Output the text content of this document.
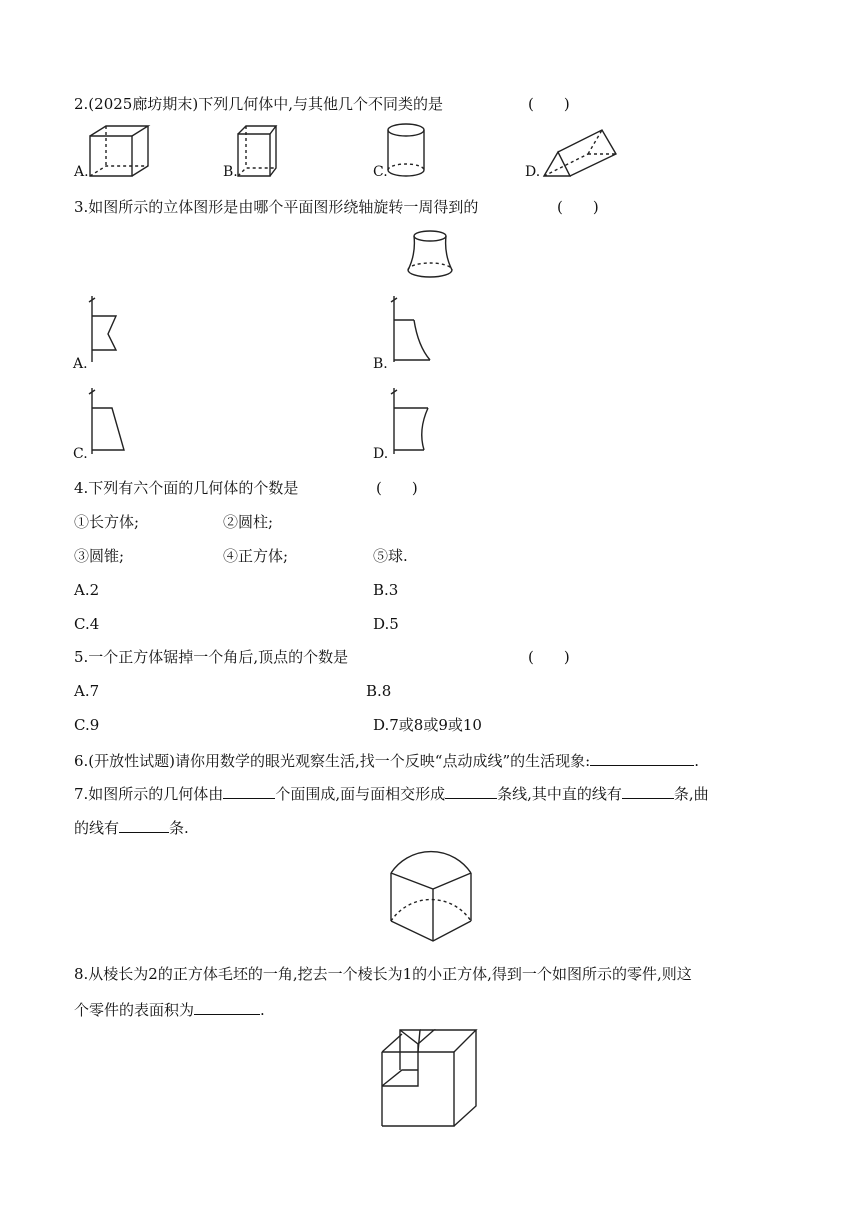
2.(2025廊坊期末)下列几何体中,与其他几个不同类的是	(　　)
A.	B.	C.	D.
3.如图所示的立体图形是由哪个平面图形绕轴旋转一周得到的	(　　)
A.	B.
C.	D.
4.下列有六个面的几何体的个数是	(　　)
①长方体;	②圆柱;
③圆锥;	④正方体;	⑤球.
A.2	B.3
C.4	D.5
5.一个正方体锯掉一个角后,顶点的个数是	(　　)
A.7	B.8
C.9	D.7或8或9或10
6.(开放性试题)请你用数学的眼光观察生活,找一个反映“点动成线”的生活现象:	.
7.如图所示的几何体由	个面围成,面与面相交形成	条线,其中直的线有	条,曲
的线有	条.
8.从棱长为2的正方体毛坯的一角,挖去一个棱长为1的小正方体,得到一个如图所示的零件,则这
个零件的表面积为	.
